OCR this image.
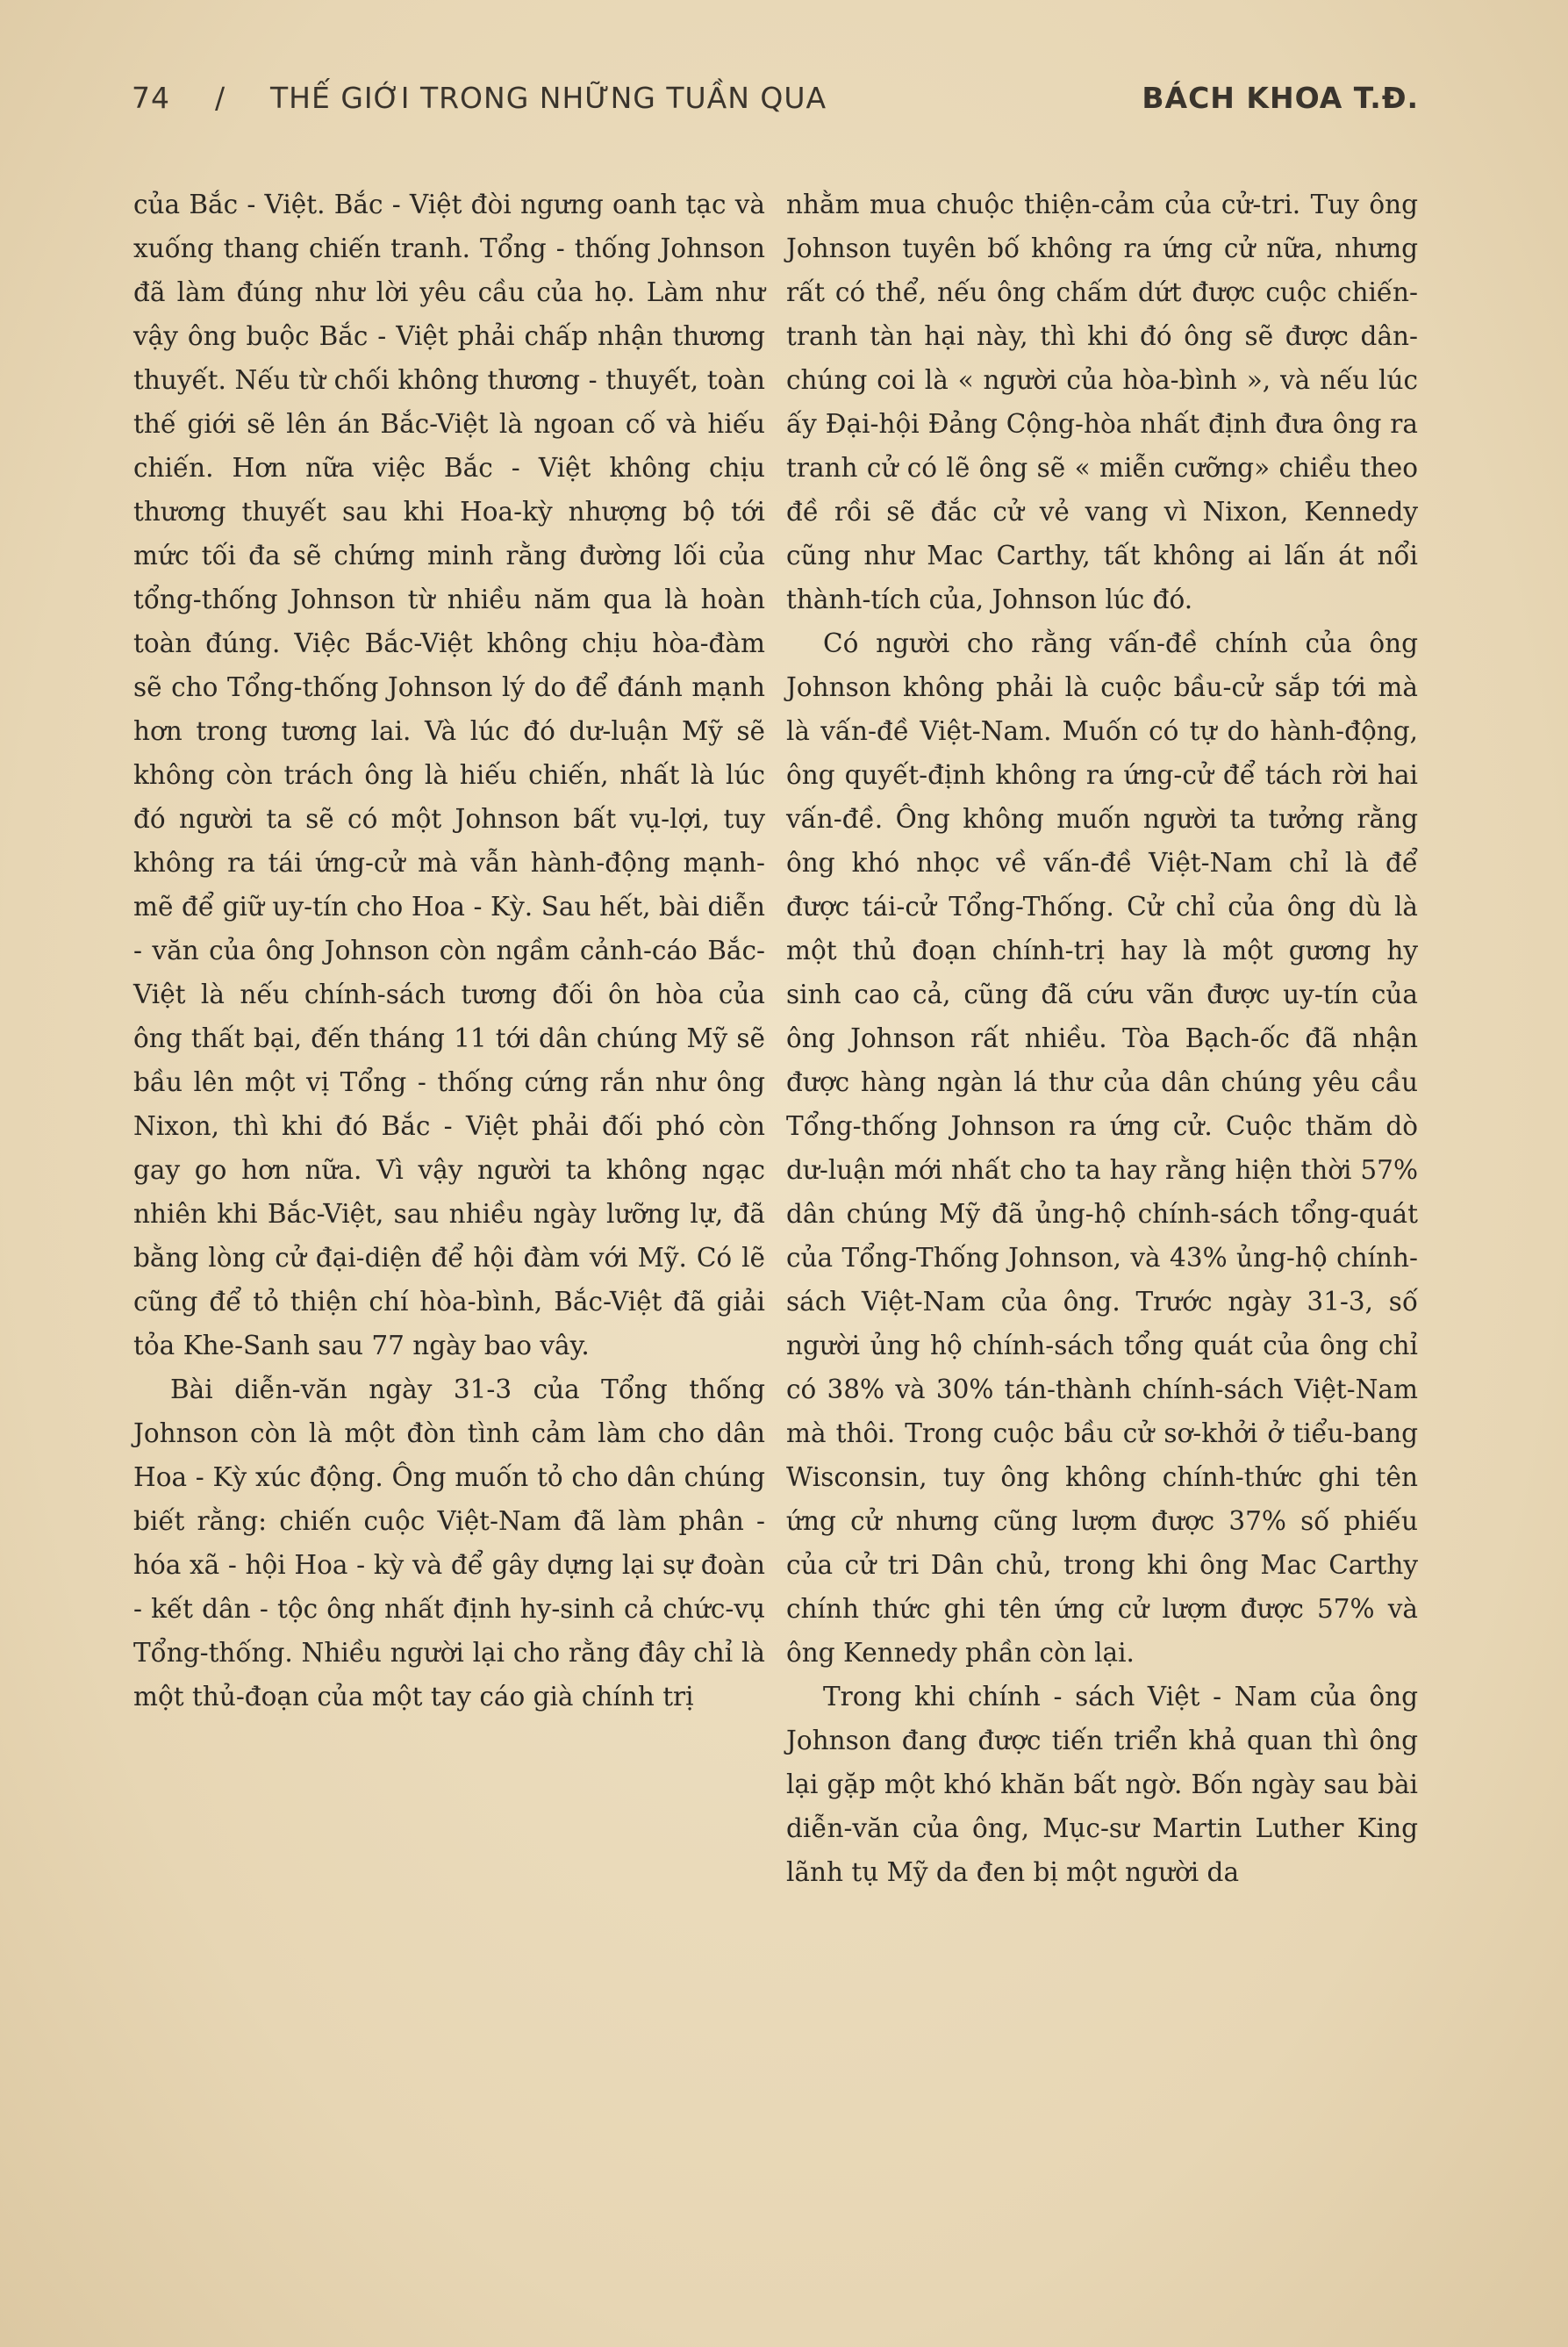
74 / THẾ GIỚI TRONG NHỮNG TUẦN QUA	BÁCH KHOA T.Đ.

của Bắc - Việt. Bắc - Việt đòi ngưng oanh tạc và xuống thang chiến tranh. Tổng - thống Johnson đã làm đúng như lời yêu cầu của họ. Làm như vậy ông buộc Bắc - Việt phải chấp nhận thương thuyết. Nếu từ chối không thương - thuyết, toàn thế giới sẽ lên án Bắc-Việt là ngoan cố và hiếu chiến. Hơn nữa việc Bắc - Việt không chịu thương thuyết sau khi Hoa-kỳ nhượng bộ tới mức tối đa sẽ chứng minh rằng đường lối của tổng-thống Johnson từ nhiều năm qua là hoàn toàn đúng. Việc Bắc-Việt không chịu hòa-đàm sẽ cho Tổng-thống Johnson lý do để đánh mạnh hơn trong tương lai. Và lúc đó dư-luận Mỹ sẽ không còn trách ông là hiếu chiến, nhất là lúc đó người ta sẽ có một Johnson bất vụ-lợi, tuy không ra tái ứng-cử mà vẫn hành-động mạnh-mẽ để giữ uy-tín cho Hoa - Kỳ. Sau hết, bài diễn - văn của ông Johnson còn ngầm cảnh-cáo Bắc-Việt là nếu chính-sách tương đối ôn hòa của ông thất bại, đến tháng 11 tới dân chúng Mỹ sẽ bầu lên một vị Tổng - thống cứng rắn như ông Nixon, thì khi đó Bắc - Việt phải đối phó còn gay go hơn nữa. Vì vậy người ta không ngạc nhiên khi Bắc-Việt, sau nhiều ngày lưỡng lự, đã bằng lòng cử đại-diện để hội đàm với Mỹ. Có lẽ cũng để tỏ thiện chí hòa-bình, Bắc-Việt đã giải tỏa Khe-Sanh sau 77 ngày bao vây.

Bài diễn-văn ngày 31-3 của Tổng thống Johnson còn là một đòn tình cảm làm cho dân Hoa - Kỳ xúc động. Ông muốn tỏ cho dân chúng biết rằng: chiến cuộc Việt-Nam đã làm phân - hóa xã - hội Hoa - kỳ và để gây dựng lại sự đoàn - kết dân - tộc ông nhất định hy-sinh cả chức-vụ Tổng-thống. Nhiều người lại cho rằng đây chỉ là một thủ-đoạn của một tay cáo già chính trị

nhằm mua chuộc thiện-cảm của cử-tri. Tuy ông Johnson tuyên bố không ra ứng cử nữa, nhưng rất có thể, nếu ông chấm dứt được cuộc chiến-tranh tàn hại này, thì khi đó ông sẽ được dân-chúng coi là « người của hòa-bình », và nếu lúc ấy Đại-hội Đảng Cộng-hòa nhất định đưa ông ra tranh cử có lẽ ông sẽ « miễn cưỡng» chiều theo đề rồi sẽ đắc cử vẻ vang vì Nixon, Kennedy cũng như Mac Carthy, tất không ai lấn át nổi thành-tích của, Johnson lúc đó.

Có người cho rằng vấn-đề chính của ông Johnson không phải là cuộc bầu-cử sắp tới mà là vấn-đề Việt-Nam. Muốn có tự do hành-động, ông quyết-định không ra ứng-cử để tách rời hai vấn-đề. Ông không muốn người ta tưởng rằng ông khó nhọc về vấn-đề Việt-Nam chỉ là để được tái-cử Tổng-Thống. Cử chỉ của ông dù là một thủ đoạn chính-trị hay là một gương hy sinh cao cả, cũng đã cứu vãn được uy-tín của ông Johnson rất nhiều. Tòa Bạch-ốc đã nhận được hàng ngàn lá thư của dân chúng yêu cầu Tổng-thống Johnson ra ứng cử. Cuộc thăm dò dư-luận mới nhất cho ta hay rằng hiện thời 57% dân chúng Mỹ đã ủng-hộ chính-sách tổng-quát của Tổng-Thống Johnson, và 43% ủng-hộ chính-sách Việt-Nam của ông. Trước ngày 31-3, số người ủng hộ chính-sách tổng quát của ông chỉ có 38% và 30% tán-thành chính-sách Việt-Nam mà thôi. Trong cuộc bầu cử sơ-khởi ở tiểu-bang Wisconsin, tuy ông không chính-thức ghi tên ứng cử nhưng cũng lượm được 37% số phiếu của cử tri Dân chủ, trong khi ông Mac Carthy chính thức ghi tên ứng cử lượm được 57% và ông Kennedy phần còn lại.

Trong khi chính - sách Việt - Nam của ông Johnson đang được tiến triển khả quan thì ông lại gặp một khó khăn bất ngờ. Bốn ngày sau bài diễn-văn của ông, Mục-sư Martin Luther King lãnh tụ Mỹ da đen bị một người da
